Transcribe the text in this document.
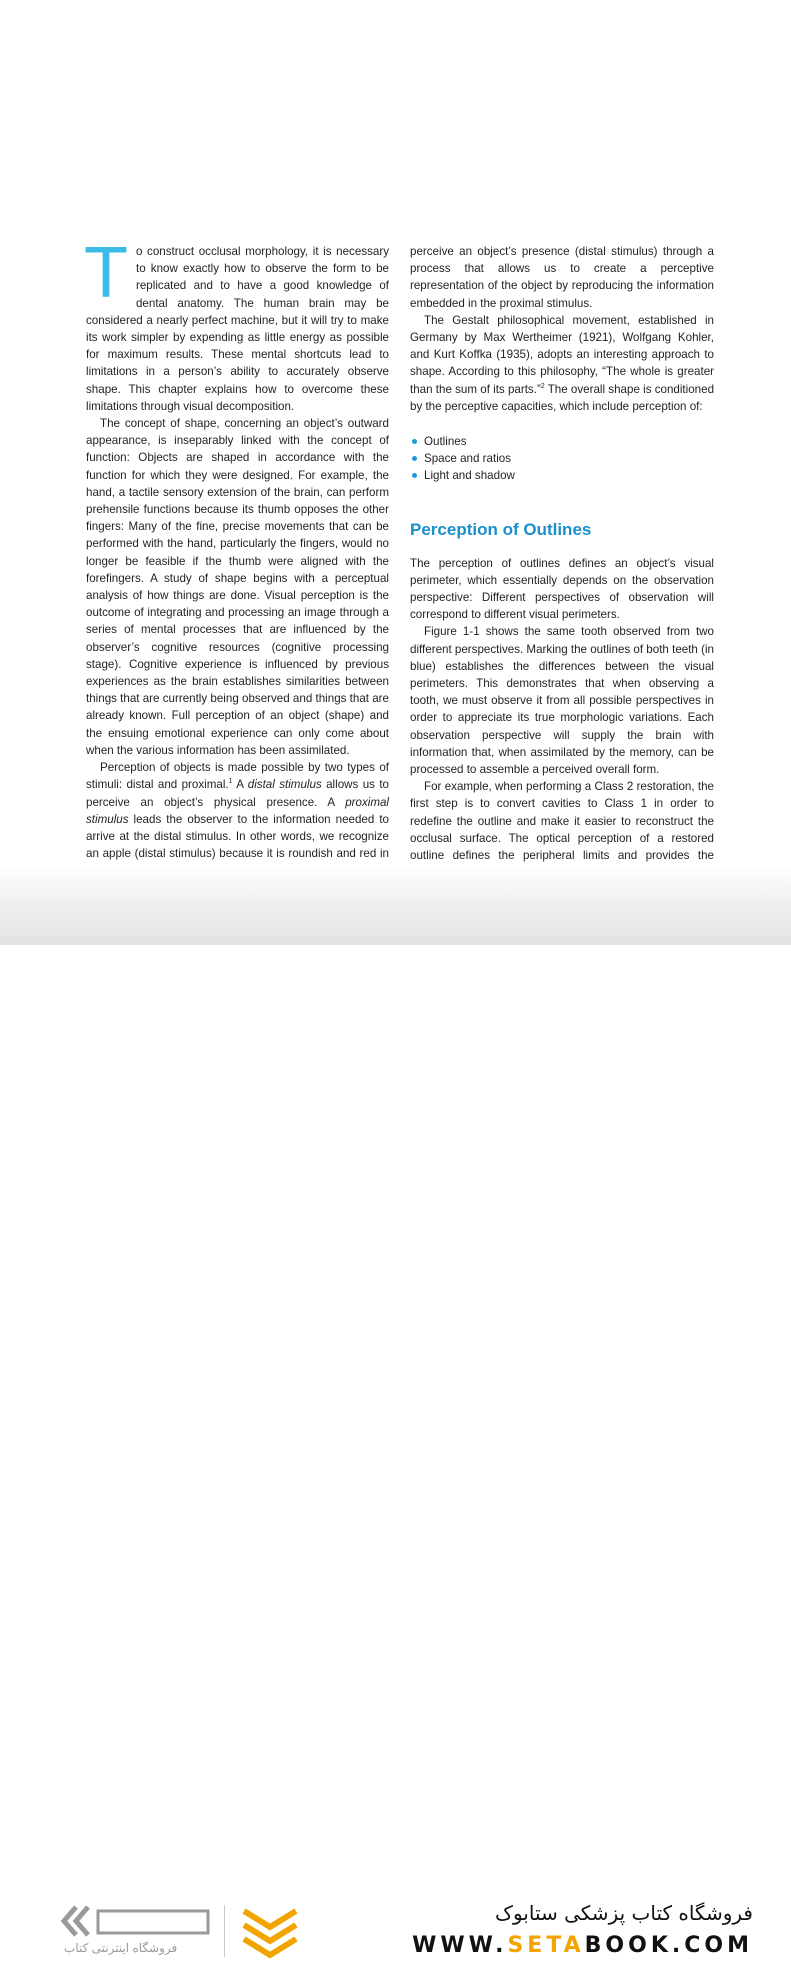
To construct occlusal morphology, it is necessary to know exactly how to observe the form to be replicated and to have a good knowledge of dental anatomy. The human brain may be considered a nearly perfect machine, but it will try to make its work simpler by expending as little energy as possible for maximum results. These mental shortcuts lead to limitations in a person’s ability to accurately observe shape. This chapter explains how to overcome these limitations through visual decomposition.

The concept of shape, concerning an object’s outward appearance, is inseparably linked with the concept of function: Objects are shaped in accordance with the function for which they were designed. For example, the hand, a tactile sensory extension of the brain, can perform prehensile functions because its thumb opposes the other fingers: Many of the fine, precise movements that can be performed with the hand, particularly the fingers, would no longer be feasible if the thumb were aligned with the forefingers. A study of shape begins with a perceptual analysis of how things are done. Visual perception is the outcome of integrating and processing an image through a series of mental processes that are influenced by the observer’s cognitive resources (cognitive processing stage). Cognitive experience is influenced by previous experiences as the brain establishes similarities between things that are currently being observed and things that are already known. Full perception of an object (shape) and the ensuing emotional experience can only come about when the various information has been assimilated.

Perception of objects is made possible by two types of stimuli: distal and proximal.$^1$ A distal stimulus allows us to perceive an object’s physical presence. A proximal stimulus leads the observer to the information needed to arrive at the distal stimulus. In other words, we recognize an apple (distal stimulus) because it is roundish and red in

perceive an object’s presence (distal stimulus) through a process that allows us to create a perceptive representation of the object by reproducing the information embedded in the proximal stimulus.

The Gestalt philosophical movement, established in Germany by Max Wertheimer (1921), Wolfgang Kohler, and Kurt Koffka (1935), adopts an interesting approach to shape. According to this philosophy, “The whole is greater than the sum of its parts.”$^2$ The overall shape is conditioned by the perceptive capacities, which include perception of:

Outlines
Space and ratios
Light and shadow
Perception of Outlines

The perception of outlines defines an object’s visual perimeter, which essentially depends on the observation perspective: Different perspectives of observation will correspond to different visual perimeters.

Figure 1-1 shows the same tooth observed from two different perspectives. Marking the outlines of both teeth (in blue) establishes the differences between the visual perimeters. This demonstrates that when observing a tooth, we must observe it from all possible perspectives in order to appreciate its true morphologic variations. Each observation perspective will supply the brain with information that, when assimilated by the memory, can be processed to assemble a perceived overall form.

For example, when performing a Class 2 restoration, the first step is to convert cavities to Class 1 in order to redefine the outline and make it easier to reconstruct the occlusal surface. The optical perception of a restored outline defines the peripheral limits and provides the

فروشگاه اینترنتی کتاب
فروشگاه کتاب پزشکی ستابوک
WWW.SETABOOK.COM
